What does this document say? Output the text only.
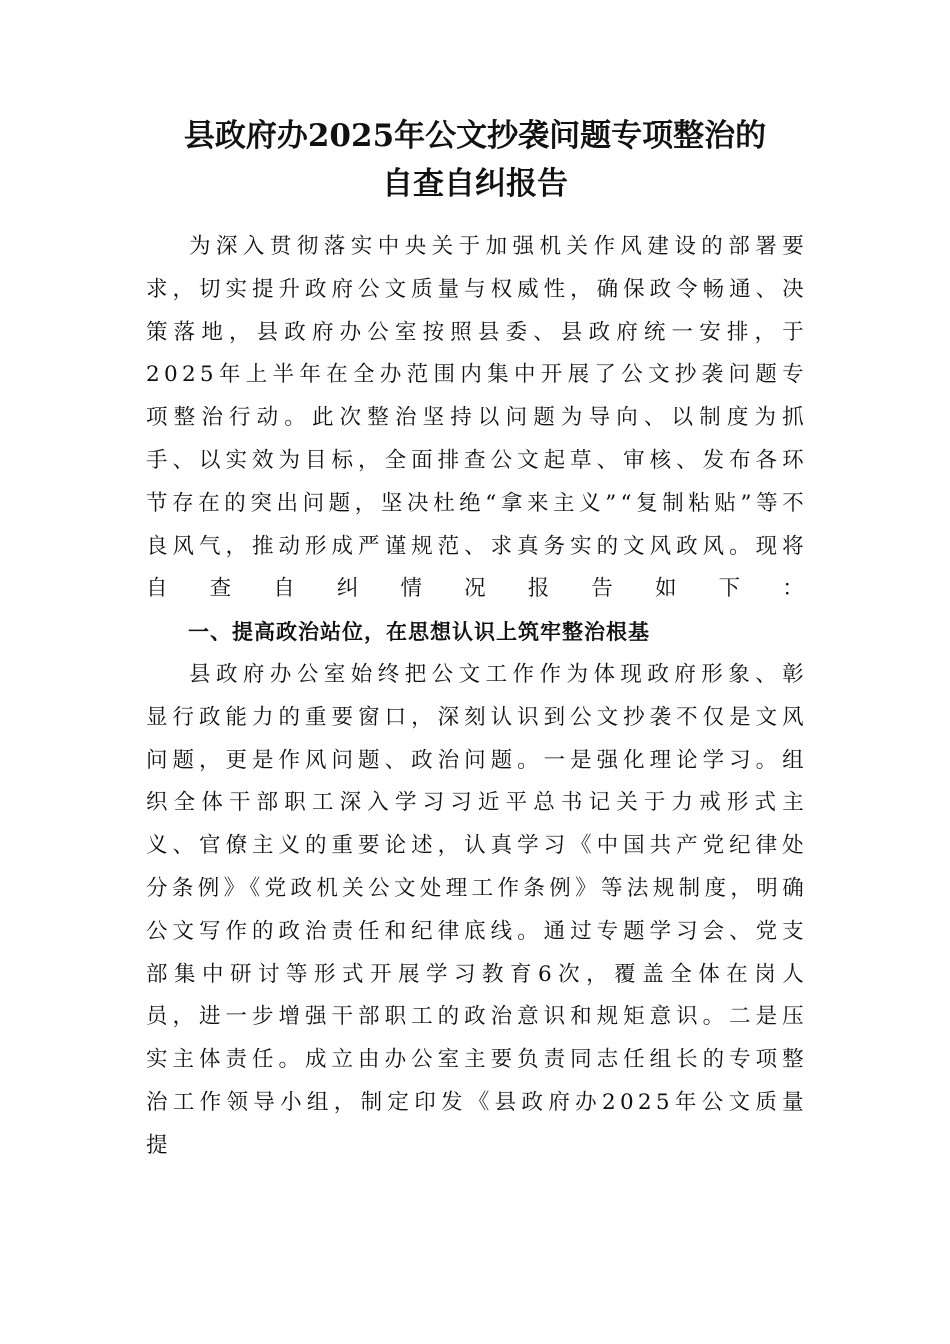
县政府办2025年公文抄袭问题专项整治的
自查自纠报告

为深入贯彻落实中央关于加强机关作风建设的部署要求，切实提升政府公文质量与权威性，确保政令畅通、决策落地，县政府办公室按照县委、县政府统一安排，于2025年上半年在全办范围内集中开展了公文抄袭问题专项整治行动。此次整治坚持以问题为导向、以制度为抓手、以实效为目标，全面排查公文起草、审核、发布各环节存在的突出问题，坚决杜绝“拿来主义”“复制粘贴”等不良风气，推动形成严谨规范、求真务实的文风政风。现将自查自纠情况报告如下：

一、提高政治站位，在思想认识上筑牢整治根基

县政府办公室始终把公文工作作为体现政府形象、彰显行政能力的重要窗口，深刻认识到公文抄袭不仅是文风问题，更是作风问题、政治问题。一是强化理论学习。组织全体干部职工深入学习习近平总书记关于力戒形式主义、官僚主义的重要论述，认真学习《中国共产党纪律处分条例》《党政机关公文处理工作条例》等法规制度，明确公文写作的政治责任和纪律底线。通过专题学习会、党支部集中研讨等形式开展学习教育6次，覆盖全体在岗人员，进一步增强干部职工的政治意识和规矩意识。二是压实主体责任。成立由办公室主要负责同志任组长的专项整治工作领导小组，制定印发《县政府办2025年公文质量提
